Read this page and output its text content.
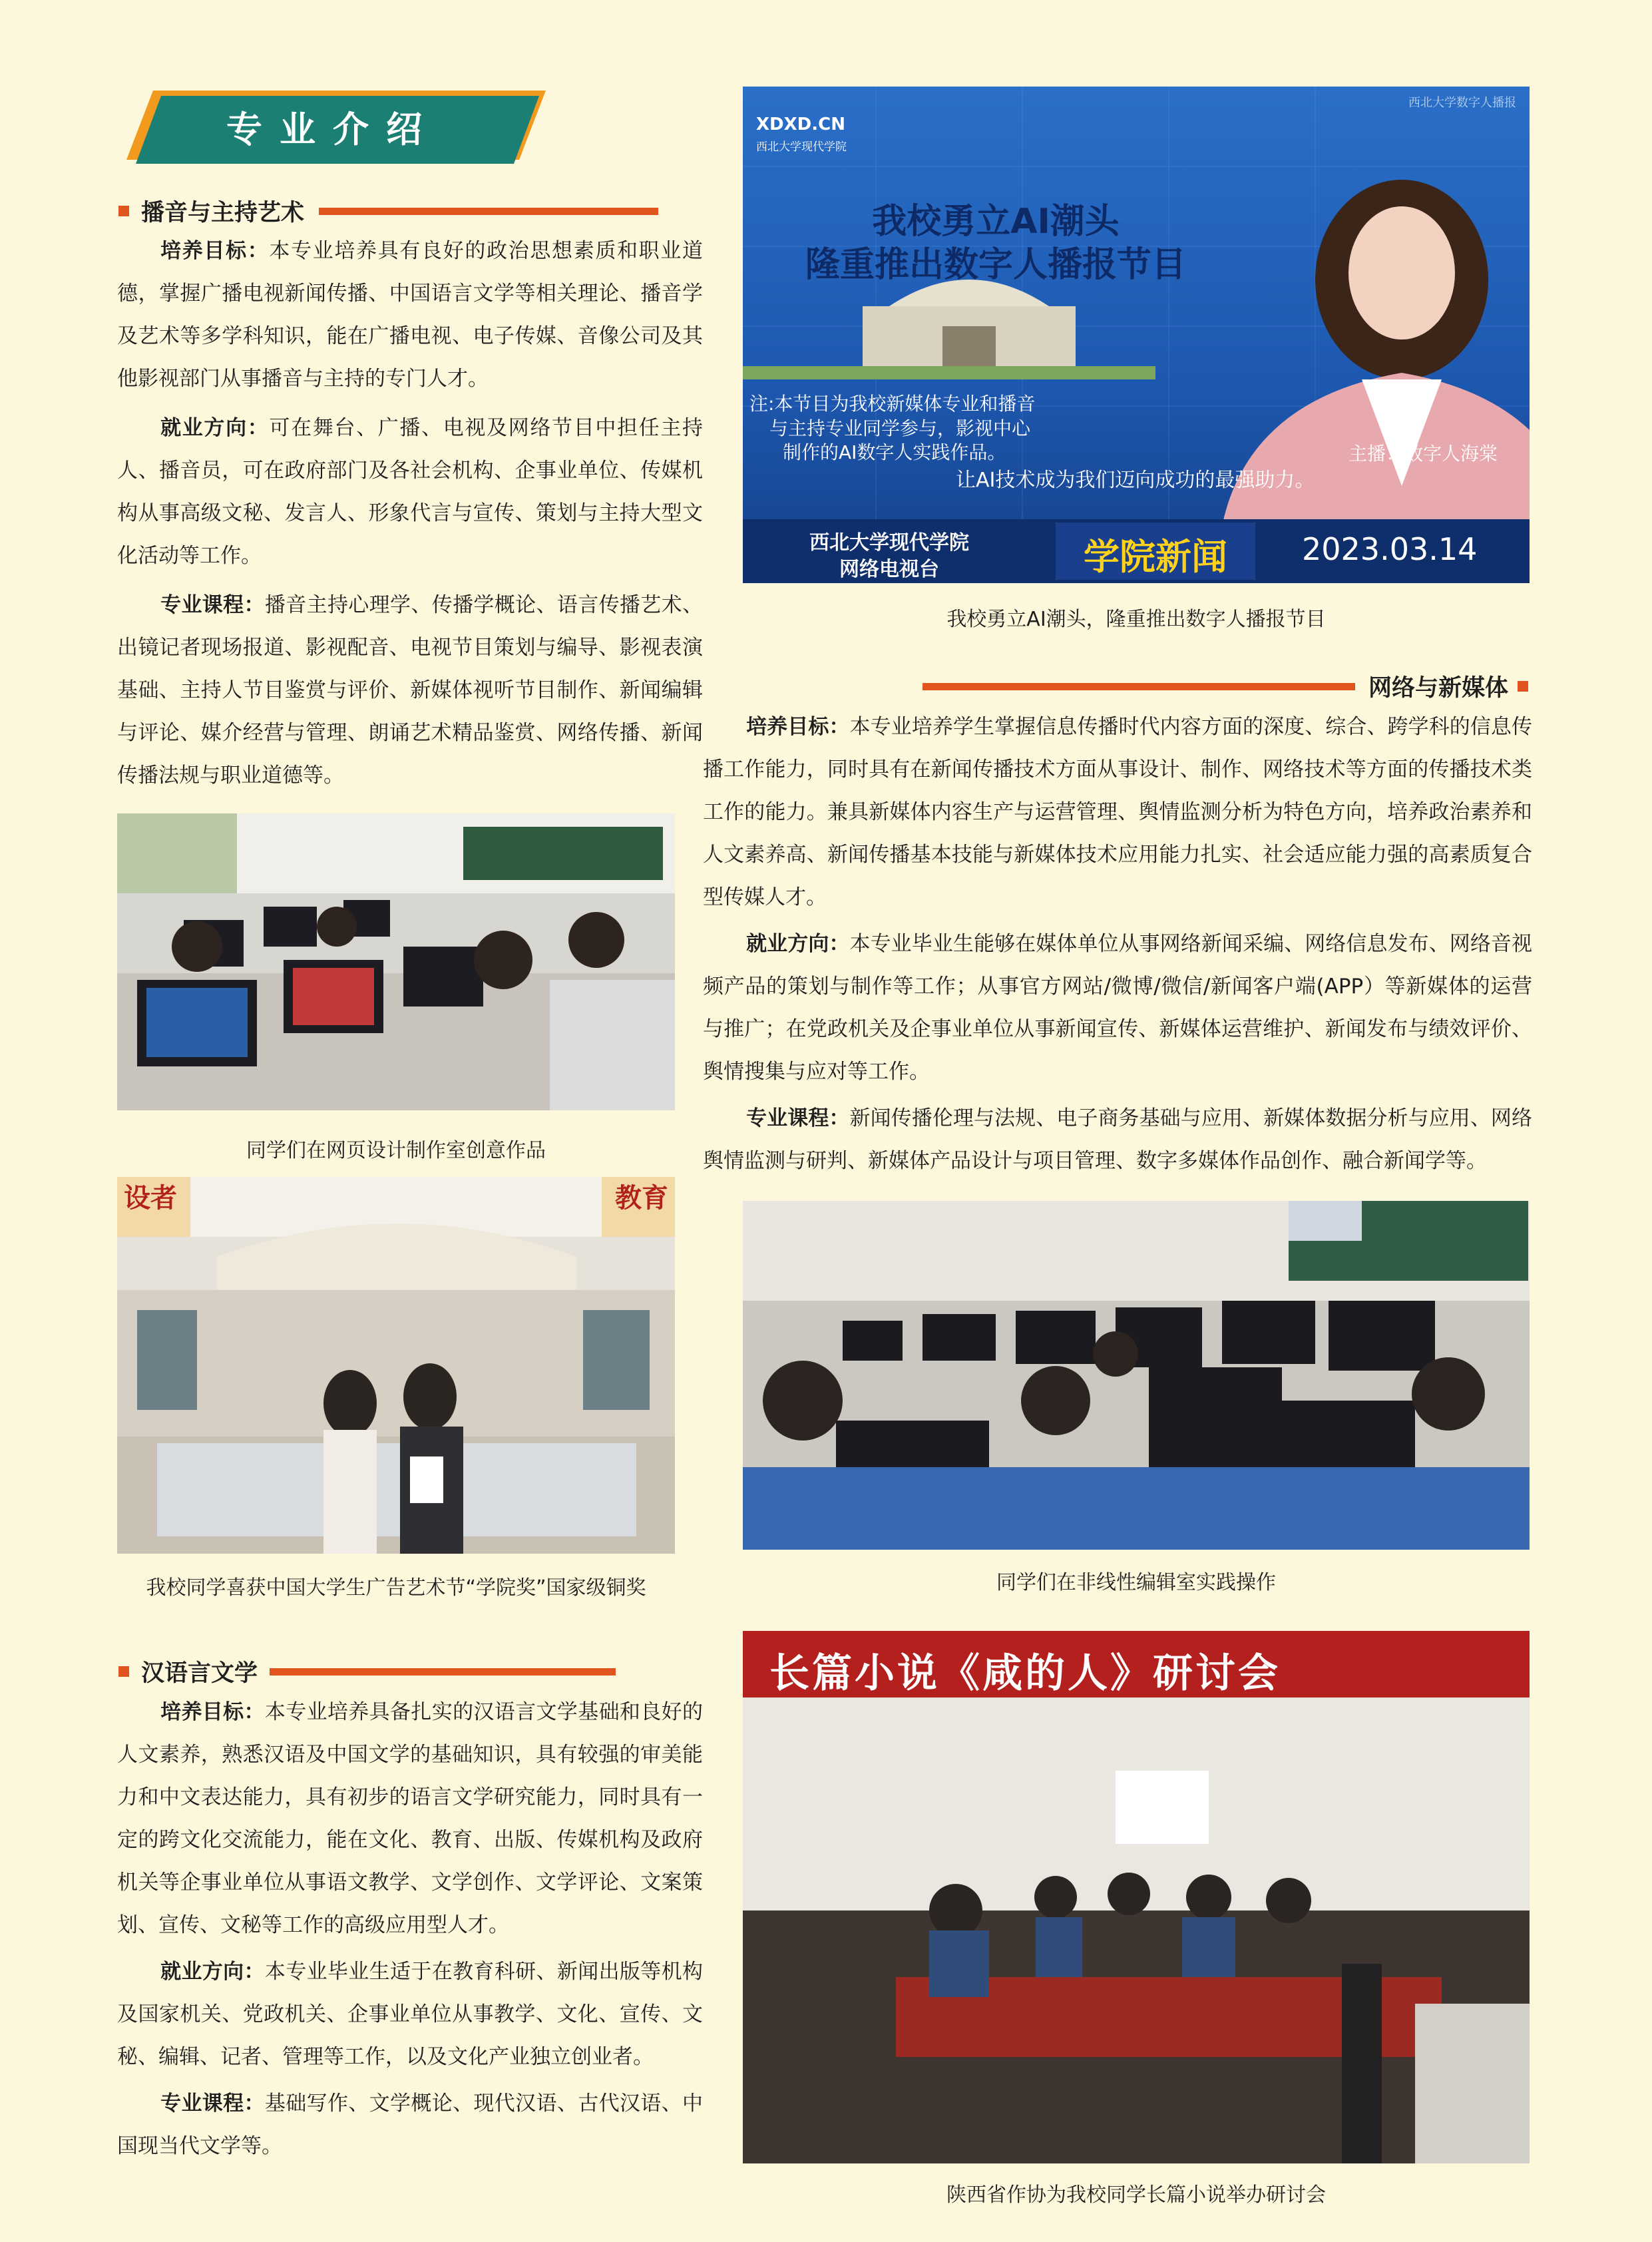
专业介绍
播音与主持艺术

培养目标：本专业培养具有良好的政治思想素质和职业道德，掌握广播电视新闻传播、中国语言文学等相关理论、播音学及艺术等多学科知识，能在广播电视、电子传媒、音像公司及其他影视部门从事播音与主持的专门人才。

就业方向：可在舞台、广播、电视及网络节目中担任主持人、播音员，可在政府部门及各社会机构、企事业单位、传媒机构从事高级文秘、发言人、形象代言与宣传、策划与主持大型文化活动等工作。

专业课程：播音主持心理学、传播学概论、语言传播艺术、出镜记者现场报道、影视配音、电视节目策划与编导、影视表演基础、主持人节目鉴赏与评价、新媒体视听节目制作、新闻编辑与评论、媒介经营与管理、朗诵艺术精品鉴赏、网络传播、新闻传播法规与职业道德等。

XDXD.CN
西北大学现代学院
西北大学数字人播报
我校勇立AI潮头
隆重推出数字人播报节目
注:本节目为我校新媒体专业和播音
与主持专业同学参与，影视中心
制作的AI数字人实践作品。
让AI技术成为我们迈向成功的最强助力。
主播：数字人海棠
西北大学现代学院
网络电视台	学院新闻	2023.03.14
我校勇立AI潮头，隆重推出数字人播报节目
网络与新媒体

培养目标：本专业培养学生掌握信息传播时代内容方面的深度、综合、跨学科的信息传播工作能力，同时具有在新闻传播技术方面从事设计、制作、网络技术等方面的传播技术类工作的能力。兼具新媒体内容生产与运营管理、舆情监测分析为特色方向，培养政治素养和人文素养高、新闻传播基本技能与新媒体技术应用能力扎实、社会适应能力强的高素质复合型传媒人才。

就业方向：本专业毕业生能够在媒体单位从事网络新闻采编、网络信息发布、网络音视频产品的策划与制作等工作；从事官方网站/微博/微信/新闻客户端(APP）等新媒体的运营与推广；在党政机关及企事业单位从事新闻宣传、新媒体运营维护、新闻发布与绩效评价、舆情搜集与应对等工作。

专业课程：新闻传播伦理与法规、电子商务基础与应用、新媒体数据分析与应用、网络舆情监测与研判、新媒体产品设计与项目管理、数字多媒体作品创作、融合新闻学等。

同学们在网页设计制作室创意作品
设者	教育
我校同学喜获中国大学生广告艺术节“学院奖”国家级铜奖	同学们在非线性编辑室实践操作
汉语言文学

培养目标：本专业培养具备扎实的汉语言文学基础和良好的人文素养，熟悉汉语及中国文学的基础知识，具有较强的审美能力和中文表达能力，具有初步的语言文学研究能力，同时具有一定的跨文化交流能力，能在文化、教育、出版、传媒机构及政府机关等企事业单位从事语文教学、文学创作、文学评论、文案策划、宣传、文秘等工作的高级应用型人才。

就业方向：本专业毕业生适于在教育科研、新闻出版等机构及国家机关、党政机关、企事业单位从事教学、文化、宣传、文秘、编辑、记者、管理等工作，以及文化产业独立创业者。

专业课程：基础写作、文学概论、现代汉语、古代汉语、中国现当代文学等。

长篇小说《咸的人》研讨会
陕西省作协为我校同学长篇小说举办研讨会
